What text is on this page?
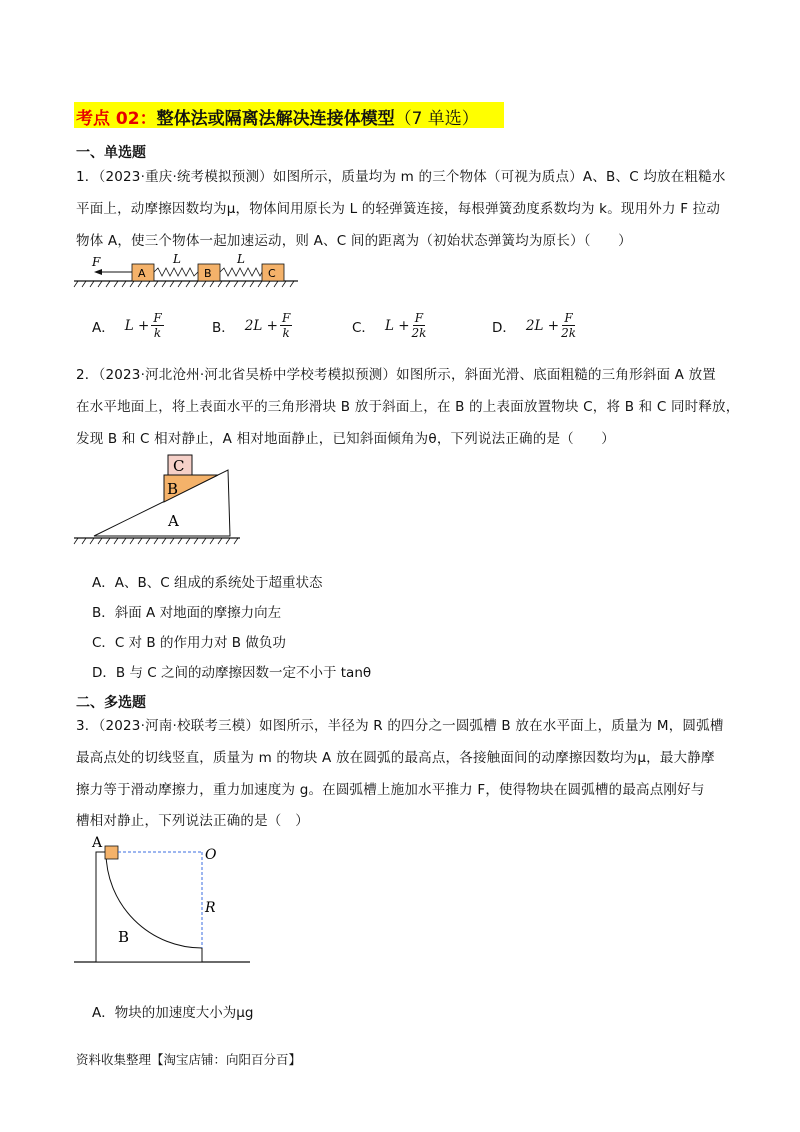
考点 02：整体法或隔离法解决连接体模型（7 单选）
一、单选题
1．（2023·重庆·统考模拟预测）如图所示，质量均为 m 的三个物体（可视为质点）A、B、C 均放在粗糙水
平面上，动摩擦因数均为μ，物体间用原长为 L 的轻弹簧连接，每根弹簧劲度系数均为 k。现用外力 F 拉动
物体 A，使三个物体一起加速运动，则 A、C 间的距离为（初始状态弹簧均为原长）（　　）
F
A
L
B
L
C
A． $L + \frac{F}{k}$	B． $2L + \frac{F}{k}$	C． $L + \frac{F}{2k}$	D． $2L + \frac{F}{2k}$
2．（2023·河北沧州·河北省吴桥中学校考模拟预测）如图所示，斜面光滑、底面粗糙的三角形斜面 A 放置
在水平地面上，将上表面水平的三角形滑块 B 放于斜面上，在 B 的上表面放置物块 C，将 B 和 C 同时释放，
发现 B 和 C 相对静止，A 相对地面静止，已知斜面倾角为θ，下列说法正确的是（　　）
A
B
C
A．A、B、C 组成的系统处于超重状态
B．斜面 A 对地面的摩擦力向左
C．C 对 B 的作用力对 B 做负功
D．B 与 C 之间的动摩擦因数一定不小于 tanθ
二、多选题
3．（2023·河南·校联考三模）如图所示，半径为 R 的四分之一圆弧槽 B 放在水平面上，质量为 M，圆弧槽
最高点处的切线竖直，质量为 m 的物块 A 放在圆弧的最高点，各接触面间的动摩擦因数均为μ，最大静摩
擦力等于滑动摩擦力，重力加速度为 g。在圆弧槽上施加水平推力 F，使得物块在圆弧槽的最高点刚好与
槽相对静止，下列说法正确的是（　）
A
O
R
B
A．物块的加速度大小为μg
资料收集整理【淘宝店铺：向阳百分百】
